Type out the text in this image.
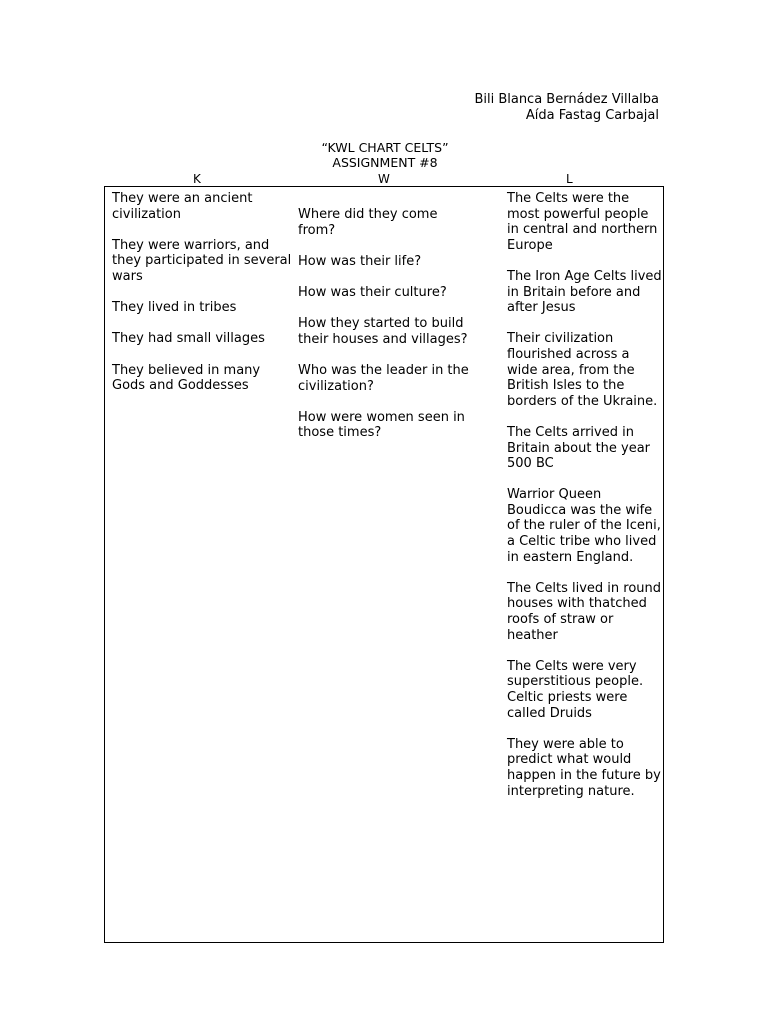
Bili Blanca Bernádez Villalba
Aída Fastag Carbajal
“KWL CHART CELTS”
ASSIGNMENT #8
K	W	L

They were an ancient civilization

They were warriors, and they participated in several wars

They lived in tribes

They had small villages

They believed in many Gods and Goddesses

Where did they come from?

How was their life?

How was their culture?

How they started to build their houses and villages?

Who was the leader in the civilization?

How were women seen in those times?

The Celts were the most powerful people in central and northern Europe

The Iron Age Celts lived in Britain before and after Jesus

Their civilization flourished across a wide area, from the British Isles to the borders of the Ukraine.

The Celts arrived in Britain about the year 500 BC

Warrior Queen Boudicca was the wife of the ruler of the Iceni, a Celtic tribe who lived in eastern England.

The Celts lived in round houses with thatched roofs of straw or heather

The Celts were very superstitious people. Celtic priests were called Druids

They were able to predict what would happen in the future by interpreting nature.
